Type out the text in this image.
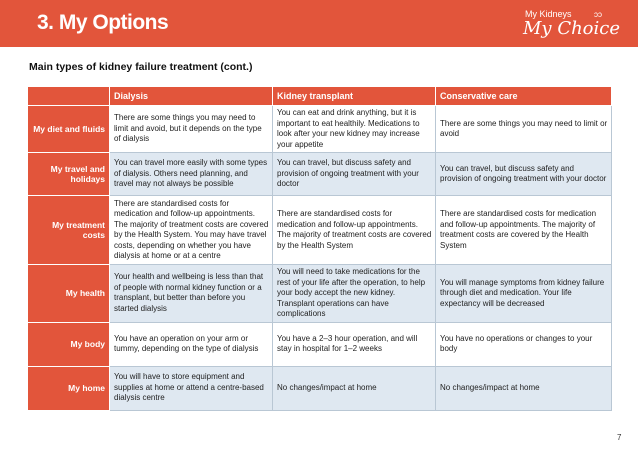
3. My Options	My Kidneys
My Choice
ↄↄ
Main types of kidney failure treatment (cont.)
	Dialysis	Kidney transplant	Conservative care
My diet and fluids	There are some things you may need to limit and avoid, but it depends on the type of dialysis	You can eat and drink anything, but it is important to eat healthily. Medications to look after your new kidney may increase your appetite	There are some things you may need to limit or avoid
My travel and holidays	You can travel more easily with some types of dialysis. Others need planning, and travel may not always be possible	You can travel, but discuss safety and provision of ongoing treatment with your doctor	You can travel, but discuss safety and provision of ongoing treatment with your doctor
My treatment costs	There are standardised costs for medication and follow-up appointments. The majority of treatment costs are covered by the Health System. You may have travel costs, depending on whether you have dialysis at home or at a centre	There are standardised costs for medication and follow-up appointments. The majority of treatment costs are covered by the Health System	There are standardised costs for medication and follow-up appointments. The majority of treatment costs are covered by the Health System
My health	Your health and wellbeing is less than that of people with normal kidney function or a transplant, but better than before you started dialysis	You will need to take medications for the rest of your life after the operation, to help your body accept the new kidney. Transplant operations can have complications	You will manage symptoms from kidney failure through diet and medication. Your life expectancy will be decreased
My body	You have an operation on your arm or tummy, depending on the type of dialysis	You have a 2–3 hour operation, and will stay in hospital for 1–2 weeks	You have no operations or changes to your body
My home	You will have to store equipment and supplies at home or attend a centre-based dialysis centre	No changes/impact at home	No changes/impact at home
7
